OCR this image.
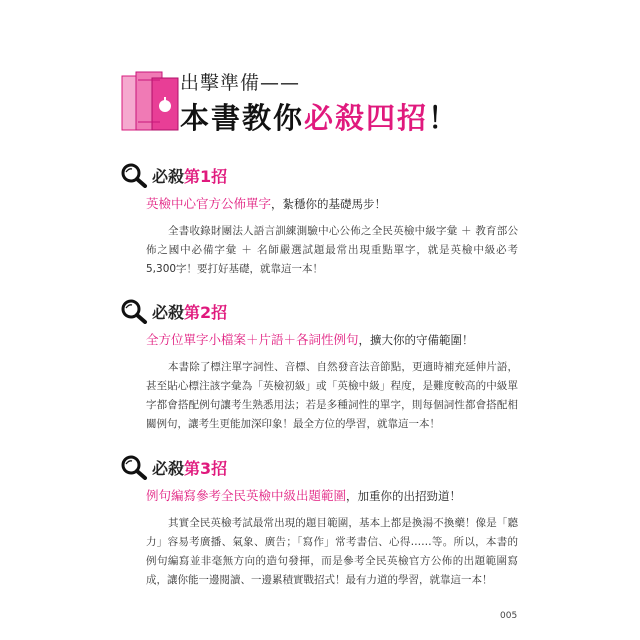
出擊準備——
本書教你必殺四招！
必殺第1招
英檢中心官方公佈單字，紮穩你的基礎馬步！
全書收錄財團法人語言訓練測驗中心公佈之全民英檢中級字彙 ＋ 教育部公佈之國中必備字彙 ＋ 名師嚴選試題最常出現重點單字，就是英檢中級必考5,300字！要打好基礎，就靠這一本！
必殺第2招
全方位單字小檔案＋片語＋各詞性例句，擴大你的守備範圍！
本書除了標注單字詞性、音標、自然發音法音節點，更適時補充延伸片語，甚至貼心標注該字彙為「英檢初級」或「英檢中級」程度，是難度較高的中級單字都會搭配例句讓考生熟悉用法；若是多種詞性的單字，則每個詞性都會搭配相關例句，讓考生更能加深印象！最全方位的學習，就靠這一本！
必殺第3招
例句編寫參考全民英檢中級出題範圍，加重你的出招勁道！
其實全民英檢考試最常出現的題目範圍，基本上都是換湯不換藥！像是「聽力」容易考廣播、氣象、廣告；「寫作」常考書信、心得……等。所以，本書的例句編寫並非毫無方向的造句發揮，而是參考全民英檢官方公佈的出題範圍寫成，讓你能一邊閱讀、一邊累積實戰招式！最有力道的學習，就靠這一本！
005
